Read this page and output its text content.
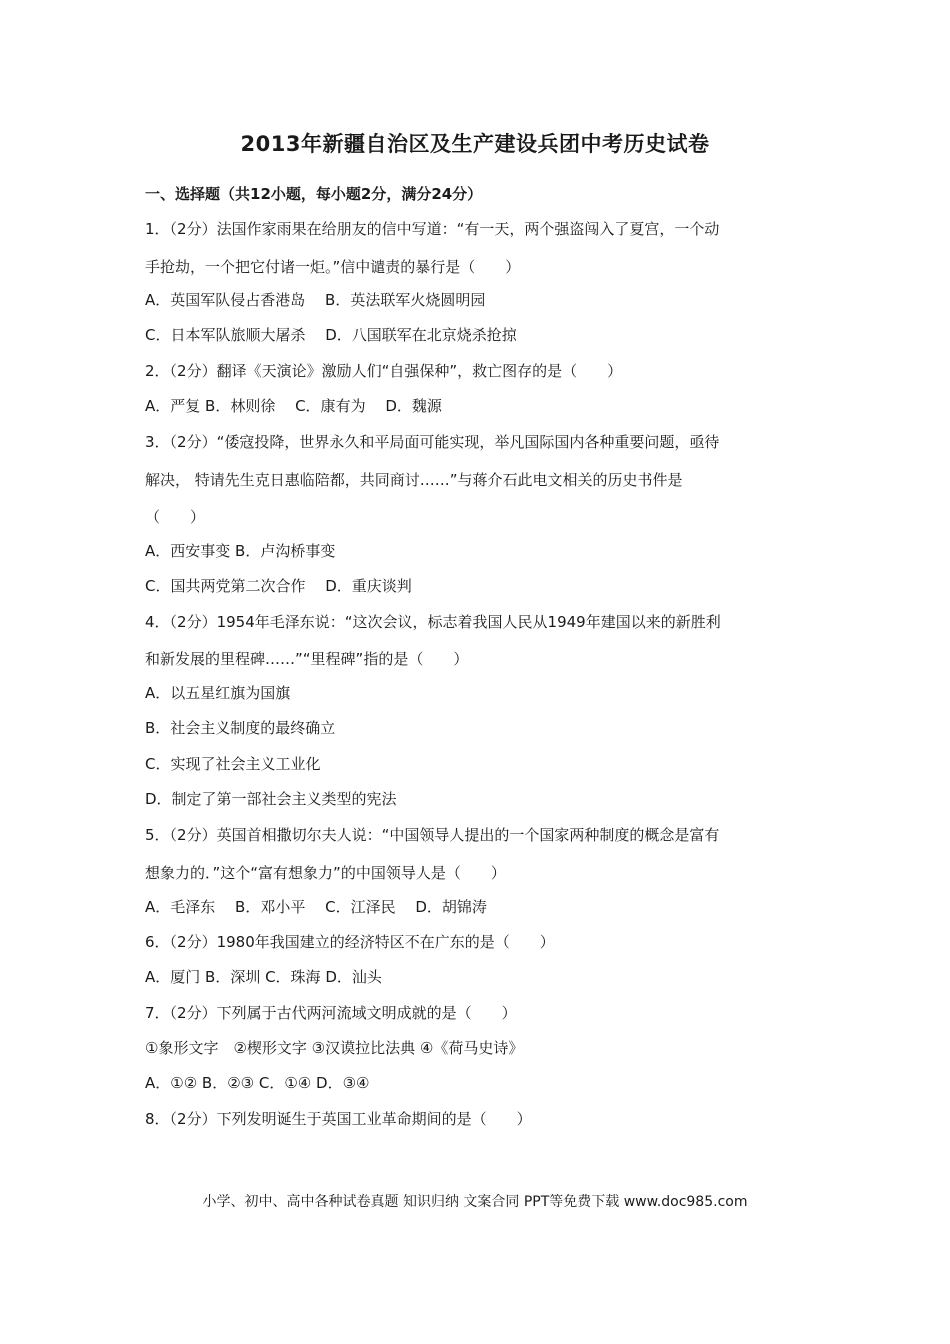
2013年新疆自治区及生产建设兵团中考历史试卷
一、选择题（共12小题，每小题2分，满分24分）
1．（2分）法国作家雨果在给朋友的信中写道：“有一天，两个强盗闯入了夏宫，一个动
手抢劫，一个把它付诸一炬。”信中谴责的暴行是（　　）
A．英国军队侵占香港岛　 B．英法联军火烧圆明园
C．日本军队旅顺大屠杀　 D．八国联军在北京烧杀抢掠
2．（2分）翻译《天演论》激励人们“自强保种”，救亡图存的是（　　）
A．严复 B．林则徐　 C．康有为　 D．魏源
3．（2分）“倭寇投降，世界永久和平局面可能实现，举凡国际国内各种重要问题，亟待
解决， 特请先生克日惠临陪都，共同商讨……”与蒋介石此电文相关的历史书件是
（　　）
A．西安事变 B．卢沟桥事变
C．国共两党第二次合作　 D．重庆谈判
4．（2分）1954年毛泽东说：“这次会议，标志着我国人民从1949年建国以来的新胜利
和新发展的里程碑……”“里程碑”指的是（　　）
A．以五星红旗为国旗
B．社会主义制度的最终确立
C．实现了社会主义工业化
D．制定了第一部社会主义类型的宪法
5．（2分）英国首相撒切尔夫人说：“中国领导人提出的一个国家两种制度的概念是富有
想象力的．”这个“富有想象力”的中国领导人是（　　）
A．毛泽东　 B．邓小平　 C．江泽民　 D．胡锦涛
6．（2分）1980年我国建立的经济特区不在广东的是（　　）
A．厦门 B．深圳 C．珠海 D．汕头
7．（2分）下列属于古代两河流域文明成就的是（　　）
①象形文字　②楔形文字 ③汉谟拉比法典 ④《荷马史诗》
A．①② B．②③ C．①④ D．③④
8．（2分）下列发明诞生于英国工业革命期间的是（　　）
小学、初中、高中各种试卷真题 知识归纳 文案合同 PPT等免费下载 www.doc985.com
